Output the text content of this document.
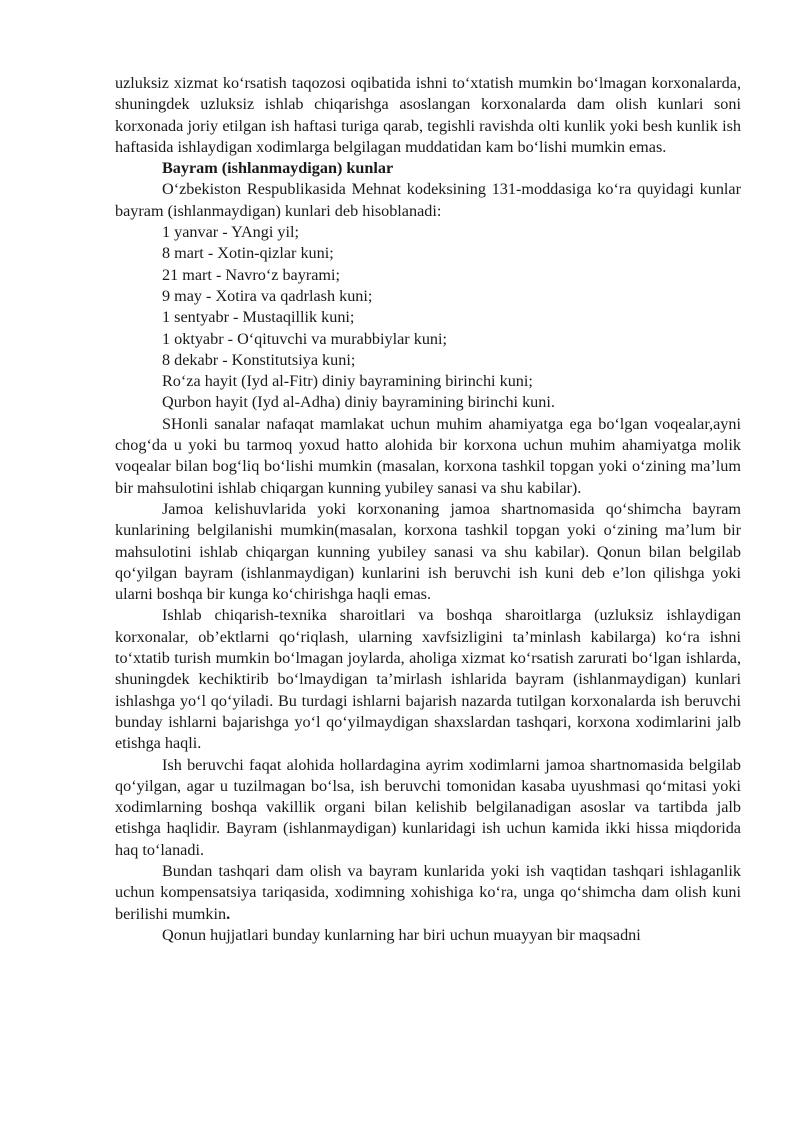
uzluksiz xizmat koʻrsatish taqozosi oqibatida ishni toʻxtatish mumkin boʻlmagan korxonalarda, shuningdek uzluksiz ishlab chiqarishga asoslangan korxonalarda dam olish kunlari soni korxonada joriy etilgan ish haftasi turiga qarab, tegishli ravishda olti kunlik yoki besh kunlik ish haftasida ishlaydigan xodimlarga belgilagan muddatidan kam boʻlishi mumkin emas.

Bayram (ishlanmaydigan) kunlar

Oʻzbekiston Respublikasida Mehnat kodeksining 131-moddasiga koʻra quyidagi kunlar bayram (ishlanmaydigan) kunlari deb hisoblanadi:

1 yanvar - YAngi yil;
8 mart - Xotin-qizlar kuni;
21 mart - Navroʻz bayrami;
9 may - Xotira va qadrlash kuni;
1 sentyabr - Mustaqillik kuni;
1 oktyabr - Oʻqituvchi va murabbiylar kuni;
8 dekabr - Konstitutsiya kuni;
Roʻza hayit (Iyd al-Fitr) diniy bayramining birinchi kuni;
Qurbon hayit (Iyd al-Adha) diniy bayramining birinchi kuni.

SHonli sanalar nafaqat mamlakat uchun muhim ahamiyatga ega boʻlgan voqealar,ayni chogʻda u yoki bu tarmoq yoxud hatto alohida bir korxona uchun muhim ahamiyatga molik voqealar bilan bogʻliq boʻlishi mumkin (masalan, korxona tashkil topgan yoki oʻzining maʼlum bir mahsulotini ishlab chiqargan kunning yubiley sanasi va shu kabilar).

Jamoa kelishuvlarida yoki korxonaning jamoa shartnomasida qoʻshimcha bayram kunlarining belgilanishi mumkin(masalan, korxona tashkil topgan yoki oʻzining maʼlum bir mahsulotini ishlab chiqargan kunning yubiley sanasi va shu kabilar). Qonun bilan belgilab qoʻyilgan bayram (ishlanmaydigan) kunlarini ish beruvchi ish kuni deb eʼlon qilishga yoki ularni boshqa bir kunga koʻchirishga haqli emas.

Ishlab chiqarish-texnika sharoitlari va boshqa sharoitlarga (uzluksiz ishlaydigan korxonalar, obʼektlarni qoʻriqlash, ularning xavfsizligini taʼminlash kabilarga) koʻra ishni toʻxtatib turish mumkin boʻlmagan joylarda, aholiga xizmat koʻrsatish zarurati boʻlgan ishlarda, shuningdek kechiktirib boʻlmaydigan taʼmirlash ishlarida bayram (ishlanmaydigan) kunlari ishlashga yoʻl qoʻyiladi. Bu turdagi ishlarni bajarish nazarda tutilgan korxonalarda ish beruvchi bunday ishlarni bajarishga yoʻl qoʻyilmaydigan shaxslardan tashqari, korxona xodimlarini jalb etishga haqli.

Ish beruvchi faqat alohida hollardagina ayrim xodimlarni jamoa shartnomasida belgilab qoʻyilgan, agar u tuzilmagan boʻlsa, ish beruvchi tomonidan kasaba uyushmasi qoʻmitasi yoki xodimlarning boshqa vakillik organi bilan kelishib belgilanadigan asoslar va tartibda jalb etishga haqlidir. Bayram (ishlanmaydigan) kunlaridagi ish uchun kamida ikki hissa miqdorida haq toʻlanadi.

Bundan tashqari dam olish va bayram kunlarida yoki ish vaqtidan tashqari ishlaganlik uchun kompensatsiya tariqasida, xodimning xohishiga koʻra, unga qoʻshimcha dam olish kuni berilishi mumkin.

Qonun hujjatlari bunday kunlarning har biri uchun muayyan bir maqsadni
